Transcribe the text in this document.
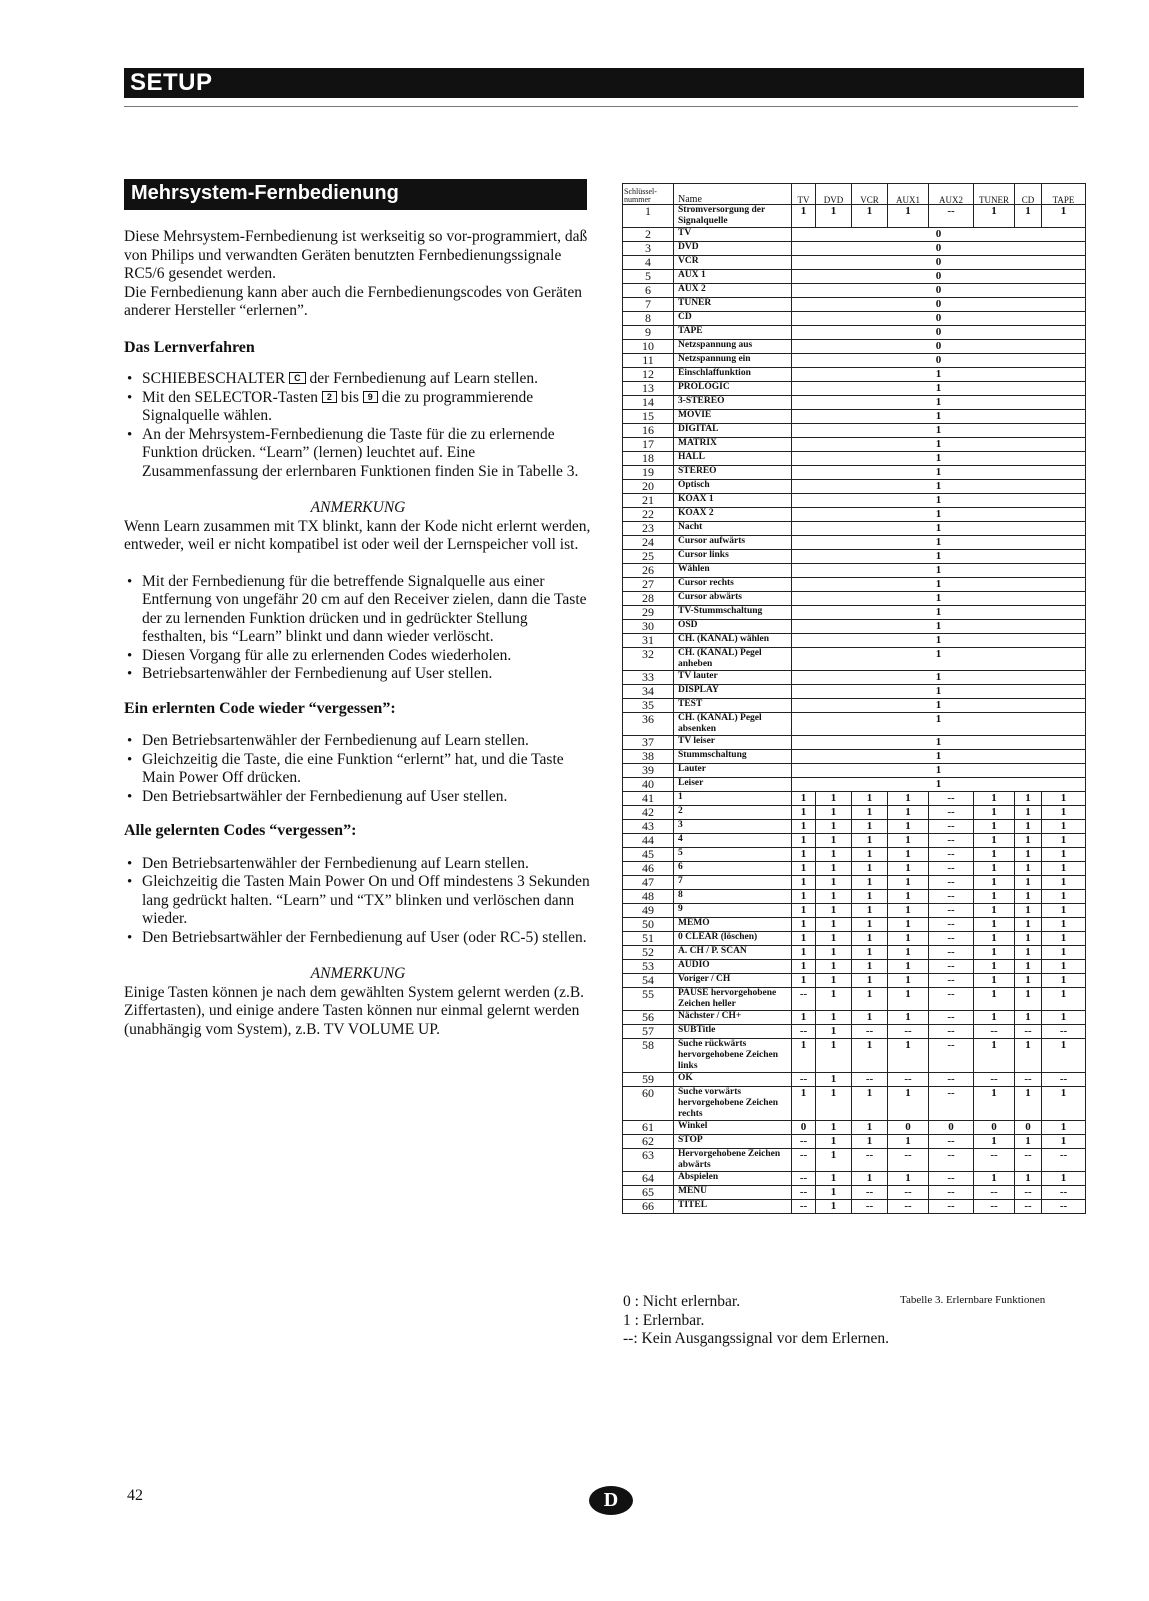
SETUP
Mehrsystem-Fernbedienung

Diese Mehrsystem-Fernbedienung ist werkseitig so vor-programmiert, daß von Philips und verwandten Geräten benutzten Fernbedienungssignale RC5/6 gesendet werden.

Die Fernbedienung kann aber auch die Fernbedienungscodes von Geräten anderer Hersteller “erlernen”.

Das Lernverfahren
• SCHIEBESCHALTER C der Fernbedienung auf Learn stellen.
• Mit den SELECTOR-Tasten 2 bis 9 die zu programmierende Signalquelle wählen.
• An der Mehrsystem-Fernbedienung die Taste für die zu erlernende Funktion drücken. “Learn” (lernen) leuchtet auf. Eine Zusammenfassung der erlernbaren Funktionen finden Sie in Tabelle 3.

ANMERKUNG

Wenn Learn zusammen mit TX blinkt, kann der Kode nicht erlernt werden, entweder, weil er nicht kompatibel ist oder weil der Lernspeicher voll ist.

• Mit der Fernbedienung für die betreffende Signalquelle aus einer Entfernung von ungefähr 20 cm auf den Receiver zielen, dann die Taste der zu lernenden Funktion drücken und in gedrückter Stellung festhalten, bis “Learn” blinkt und dann wieder verlöscht.
• Diesen Vorgang für alle zu erlernenden Codes wiederholen.
• Betriebsartenwähler der Fernbedienung auf User stellen.
Ein erlernten Code wieder “vergessen”:
• Den Betriebsartenwähler der Fernbedienung auf Learn stellen.
• Gleichzeitig die Taste, die eine Funktion “erlernt” hat, und die Taste Main Power Off drücken.
• Den Betriebsartwähler der Fernbedienung auf User stellen.
Alle gelernten Codes “vergessen”:
• Den Betriebsartenwähler der Fernbedienung auf Learn stellen.
• Gleichzeitig die Tasten Main Power On und Off mindestens 3 Sekunden lang gedrückt halten. “Learn” und “TX” blinken und verlöschen dann wieder.
• Den Betriebsartwähler der Fernbedienung auf User (oder RC-5) stellen.

ANMERKUNG

Einige Tasten können je nach dem gewählten System gelernt werden (z.B. Ziffertasten), und einige andere Tasten können nur einmal gelernt werden (unabhängig vom System), z.B. TV VOLUME UP.

Schlüssel-nummer	Name	TV	DVD	VCR	AUX1	AUX2	TUNER	CD	TAPE
1	Stromversorgung der Signalquelle	1	1	1	1	--	1	1	1
2	TV	0							
3	DVD	0							
4	VCR	0							
5	AUX 1	0							
6	AUX 2	0							
7	TUNER	0							
8	CD	0							
9	TAPE	0							
10	Netzspannung aus	0							
11	Netzspannung ein	0							
12	Einschlaffunktion	1							
13	PROLOGIC	1							
14	3-STEREO	1							
15	MOVIE	1							
16	DIGITAL	1							
17	MATRIX	1							
18	HALL	1							
19	STEREO	1							
20	Optisch	1							
21	KOAX 1	1							
22	KOAX 2	1							
23	Nacht	1							
24	Cursor aufwärts	1							
25	Cursor links	1							
26	Wählen	1							
27	Cursor rechts	1							
28	Cursor abwärts	1							
29	TV-Stummschaltung	1							
30	OSD	1							
31	CH. (KANAL) wählen	1							
32	CH. (KANAL) Pegel anheben	1							
33	TV lauter	1							
34	DISPLAY	1							
35	TEST	1							
36	CH. (KANAL) Pegel absenken	1							
37	TV leiser	1							
38	Stummschaltung	1							
39	Lauter	1							
40	Leiser	1							
41	1	1	1	1	1	--	1	1	1
42	2	1	1	1	1	--	1	1	1
43	3	1	1	1	1	--	1	1	1
44	4	1	1	1	1	--	1	1	1
45	5	1	1	1	1	--	1	1	1
46	6	1	1	1	1	--	1	1	1
47	7	1	1	1	1	--	1	1	1
48	8	1	1	1	1	--	1	1	1
49	9	1	1	1	1	--	1	1	1
50	MEMO	1	1	1	1	--	1	1	1
51	0 CLEAR (löschen)	1	1	1	1	--	1	1	1
52	A. CH / P. SCAN	1	1	1	1	--	1	1	1
53	AUDIO	1	1	1	1	--	1	1	1
54	Voriger / CH	1	1	1	1	--	1	1	1
55	PAUSE hervorgehobene Zeichen heller	--	1	1	1	--	1	1	1
56	Nächster / CH+	1	1	1	1	--	1	1	1
57	SUBTitle	--	1	--	--	--	--	--	--
58	Suche rückwärts hervorgehobene Zeichen links	1	1	1	1	--	1	1	1
59	OK	--	1	--	--	--	--	--	--
60	Suche vorwärts hervorgehobene Zeichen rechts	1	1	1	1	--	1	1	1
61	Winkel	0	1	1	0	0	0	0	1
62	STOP	--	1	1	1	--	1	1	1
63	Hervorgehobene Zeichen abwärts	--	1	--	--	--	--	--	--
64	Abspielen	--	1	1	1	--	1	1	1
65	MENÜ	--	1	--	--	--	--	--	--
66	TITEL	--	1	--	--	--	--	--	--

0 : Nicht erlernbar.

1 : Erlernbar.

--: Kein Ausgangssignal vor dem Erlernen.

Tabelle 3. Erlernbare Funktionen
42	D
